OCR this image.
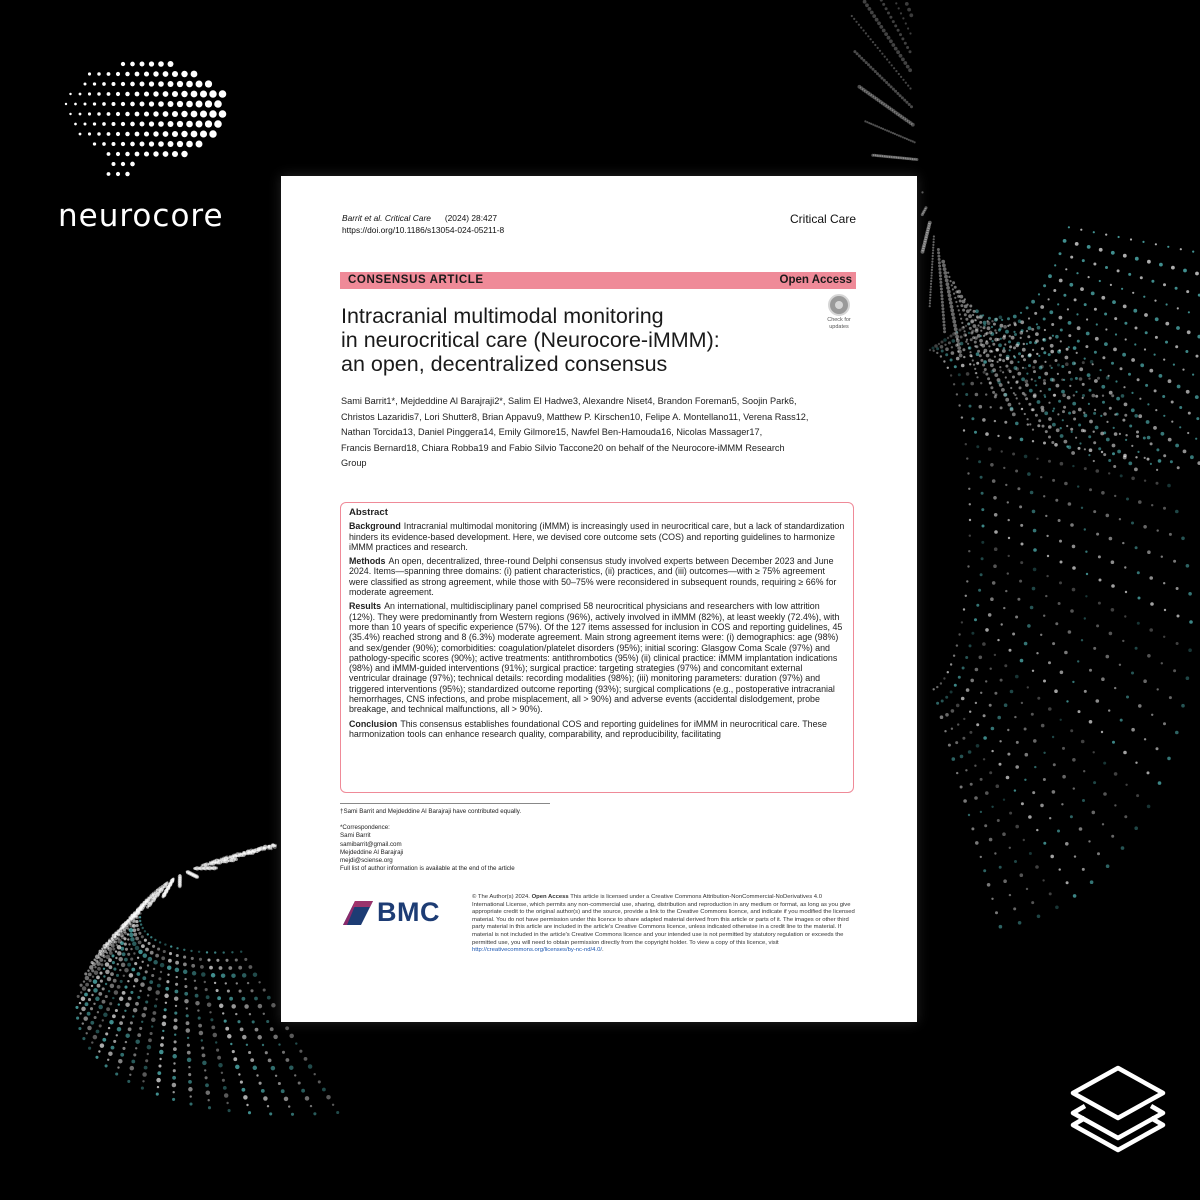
neurocore	Barrit et al. Critical Care (2024) 28:427
https://doi.org/10.1186/s13054-024-05211-8
Critical Care
CONSENSUS ARTICLE	Open Access
Intracranial multimodal monitoring
in neurocritical care (Neurocore-iMMM):
an open, decentralized consensus
Check for
updates
Sami Barrit1*, Mejdeddine Al Barajraji2*, Salim El Hadwe3, Alexandre Niset4, Brandon Foreman5, Soojin Park6,
Christos Lazaridis7, Lori Shutter8, Brian Appavu9, Matthew P. Kirschen10, Felipe A. Montellano11, Verena Rass12,
Nathan Torcida13, Daniel Pinggera14, Emily Gilmore15, Nawfel Ben-Hamouda16, Nicolas Massager17,
Francis Bernard18, Chiara Robba19 and Fabio Silvio Taccone20 on behalf of the Neurocore-iMMM Research
Group
Abstract
Background Intracranial multimodal monitoring (iMMM) is increasingly used in neurocritical care, but a lack of standardization hinders its evidence-based development. Here, we devised core outcome sets (COS) and reporting guidelines to harmonize iMMM practices and research.
Methods An open, decentralized, three-round Delphi consensus study involved experts between December 2023 and June 2024. Items—spanning three domains: (i) patient characteristics, (ii) practices, and (iii) outcomes—with ≥ 75% agreement were classified as strong agreement, while those with 50–75% were reconsidered in subsequent rounds, requiring ≥ 66% for moderate agreement.
Results An international, multidisciplinary panel comprised 58 neurocritical physicians and researchers with low attrition (12%). They were predominantly from Western regions (96%), actively involved in iMMM (82%), at least weekly (72.4%), with more than 10 years of specific experience (57%). Of the 127 items assessed for inclusion in COS and reporting guidelines, 45 (35.4%) reached strong and 8 (6.3%) moderate agreement. Main strong agreement items were: (i) demographics: age (98%) and sex/gender (90%); comorbidities: coagulation/platelet disorders (95%); initial scoring: Glasgow Coma Scale (97%) and pathology-specific scores (90%); active treatments: antithrombotics (95%) (ii) clinical practice: iMMM implantation indications (98%) and iMMM-guided interventions (91%); surgical practice: targeting strategies (97%) and concomitant external ventricular drainage (97%); technical details: recording modalities (98%); (iii) monitoring parameters: duration (97%) and triggered interventions (95%); standardized outcome reporting (93%); surgical complications (e.g., postoperative intracranial hemorrhages, CNS infections, and probe misplacement, all > 90%) and adverse events (accidental dislodgement, probe breakage, and technical malfunctions, all > 90%).
Conclusion This consensus establishes foundational COS and reporting guidelines for iMMM in neurocritical care. These harmonization tools can enhance research quality, comparability, and reproducibility, facilitating
†Sami Barrit and Mejdeddine Al Barajraji have contributed equally.
*Correspondence:
Sami Barrit
samibarrit@gmail.com
Mejdeddine Al Barajraji
mejdi@sciense.org
Full list of author information is available at the end of the article
BMC	© The Author(s) 2024. Open Access This article is licensed under a Creative Commons Attribution-NonCommercial-NoDerivatives 4.0 International License, which permits any non-commercial use, sharing, distribution and reproduction in any medium or format, as long as you give appropriate credit to the original author(s) and the source, provide a link to the Creative Commons licence, and indicate if you modified the licensed material. You do not have permission under this licence to share adapted material derived from this article or parts of it. The images or other third party material in this article are included in the article's Creative Commons licence, unless indicated otherwise in a credit line to the material. If material is not included in the article's Creative Commons licence and your intended use is not permitted by statutory regulation or exceeds the permitted use, you will need to obtain permission directly from the copyright holder. To view a copy of this licence, visit http://creativecommons.org/licenses/by-nc-nd/4.0/.
